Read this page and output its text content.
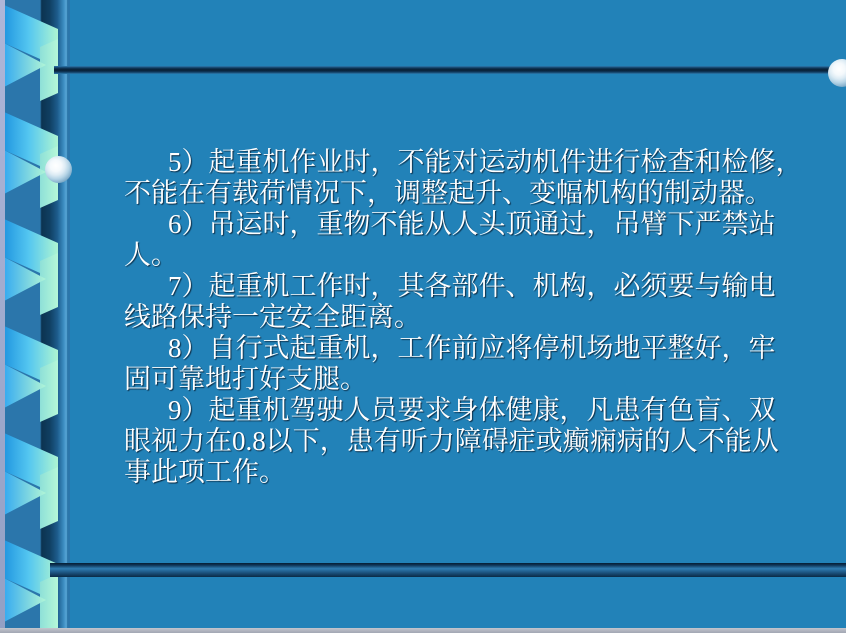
5）起重机作业时，不能对运动机件进行检查和检修，
不能在有载荷情况下，调整起升、变幅机构的制动器。
6）吊运时，重物不能从人头顶通过，吊臂下严禁站
人。
7）起重机工作时，其各部件、机构，必须要与输电
线路保持一定安全距离。
8）自行式起重机，工作前应将停机场地平整好，牢
固可靠地打好支腿。
9）起重机驾驶人员要求身体健康，凡患有色盲、双
眼视力在0.8以下，患有听力障碍症或癫痫病的人不能从
事此项工作。
